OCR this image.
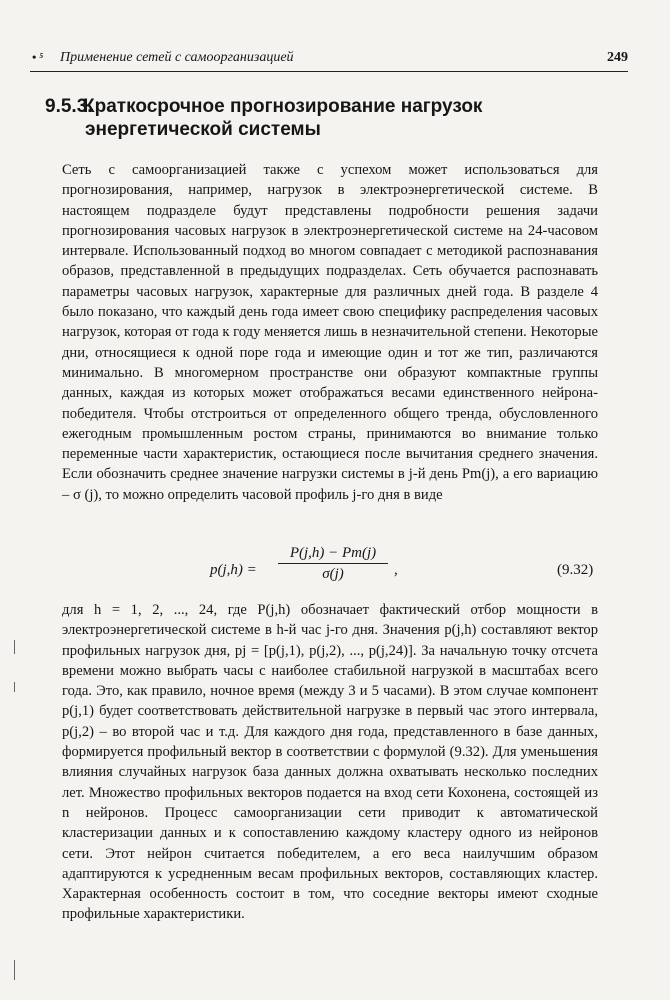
• ⁵ Применение сетей с самоорганизацией	249
9.5.3.Краткосрочное прогнозирование нагрузок
энергетической системы

Сеть с самоорганизацией также с успехом может использоваться для прогнозирования, например, нагрузок в электроэнергетической системе. В настоящем подразделе будут представлены подробности решения задачи прогнозирования часовых нагрузок в электроэнергетической системе на 24-часовом интервале. Использованный подход во многом совпадает с методикой распознавания образов, представленной в предыдущих подразделах. Сеть обучается распознавать параметры часовых нагрузок, характерные для различных дней года. В разделе 4 было показано, что каждый день года имеет свою специфику распределения часовых нагрузок, которая от года к году меняется лишь в незначительной степени. Некоторые дни, относящиеся к одной поре года и имеющие один и тот же тип, различаются минимально. В многомерном пространстве они образуют компактные группы данных, каждая из которых может отображаться весами единственного нейрона-победителя. Чтобы отстроиться от определенного общего тренда, обусловленного ежегодным промышленным ростом страны, принимаются во внимание только переменные части характеристик, остающиеся после вычитания среднего значения. Если обозначить среднее значение нагрузки системы в j-й день Pm(j), а его вариацию – σ (j), то можно определить часовой профиль j-го дня в виде

$p(j,h) = \frac{P(j,h) - Pm(j)}{\sigma(j)}$ ,	(9.32)

для h = 1, 2, ..., 24, где P(j,h) обозначает фактический отбор мощности в электроэнергетической системе в h-й час j-го дня. Значения p(j,h) составляют вектор профильных нагрузок дня, pj = [p(j,1), p(j,2), ..., p(j,24)]. За начальную точку отсчета времени можно выбрать часы с наиболее стабильной нагрузкой в масштабах всего года. Это, как правило, ночное время (между 3 и 5 часами). В этом случае компонент p(j,1) будет соответствовать действительной нагрузке в первый час этого интервала, p(j,2) – во второй час и т.д. Для каждого дня года, представленного в базе данных, формируется профильный вектор в соответствии с формулой (9.32). Для уменьшения влияния случайных нагрузок база данных должна охватывать несколько последних лет. Множество профильных векторов подается на вход сети Кохонена, состоящей из n нейронов. Процесс самоорганизации сети приводит к автоматической кластеризации данных и к сопоставлению каждому кластеру одного из нейронов сети. Этот нейрон считается победителем, а его веса наилучшим образом адаптируются к усредненным весам профильных векторов, составляющих кластер. Характерная особенность состоит в том, что соседние векторы имеют сходные профильные характеристики.
